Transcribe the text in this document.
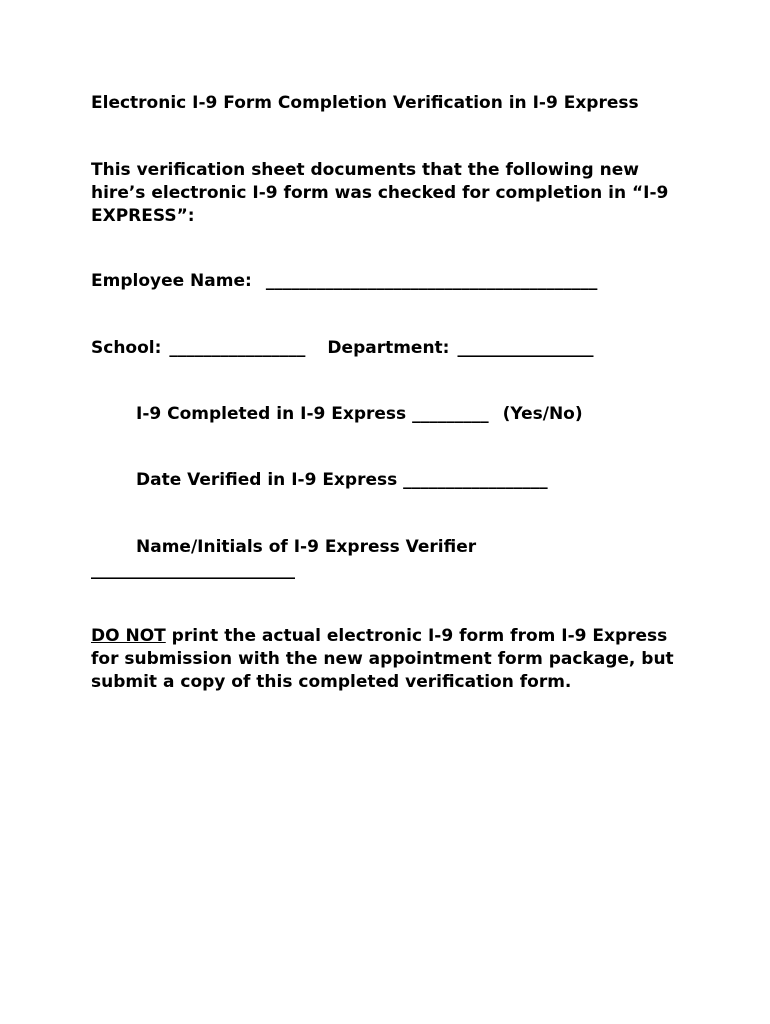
Electronic I-9 Form Completion Verification in I-9 Express
This verification sheet documents that the following new hire’s electronic I-9 form was checked for completion in “I-9 EXPRESS”:
Employee Name: _______________________________________
School: ________________ Department: ________________
I-9 Completed in I-9 Express _________ (Yes/No)
Date Verified in I-9 Express _________________
Name/Initials of I-9 Express Verifier
________________________
DO NOT print the actual electronic I-9 form from I-9 Express for submission with the new appointment form package, but submit a copy of this completed verification form.
